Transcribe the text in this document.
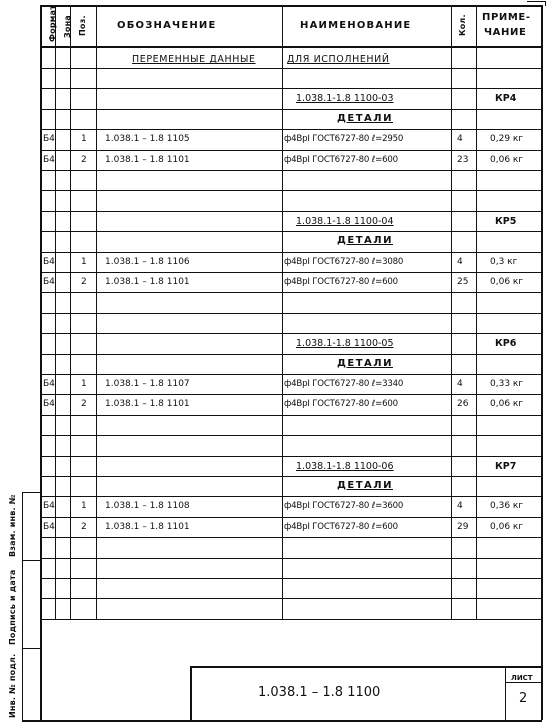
Формат Зона Поз.	ОБОЗНАЧЕНИЕ	НАИМЕНОВАНИЕ	Кол. ПРИМЕ-
ЧАНИЕ
ПЕРЕМЕННЫЕ ДАННЫЕ	ДЛЯ ИСПОЛНЕНИЙ
1.038.1-1.8 1100-03	КР4
ДЕТАЛИ
Б4	1 1.038.1 – 1.8 1105	ф4ВрI ГОСТ6727-80 ℓ=2950	4	0,29 кг
Б4	2 1.038.1 – 1.8 1101	ф4ВрI ГОСТ6727-80 ℓ=600	23 0,06 кг
1.038.1-1.8 1100-04	КР5
ДЕТАЛИ
Б4	1 1.038.1 – 1.8 1106	ф4ВрI ГОСТ6727-80 ℓ=3080	4	0,3 кг
Б4	2 1.038.1 – 1.8 1101	ф4ВрI ГОСТ6727-80 ℓ=600	25 0,06 кг
1.038.1-1.8 1100-05	КР6
ДЕТАЛИ
Б4	1 1.038.1 – 1.8 1107	ф4ВрI ГОСТ6727-80 ℓ=3340	4	0,33 кг
Б4	2 1.038.1 – 1.8 1101	ф4ВрI ГОСТ6727-80 ℓ=600	26 0,06 кг
1.038.1-1.8 1100-06	КР7
ДЕТАЛИ
Б4	1 1.038.1 – 1.8 1108	ф4ВрI ГОСТ6727-80 ℓ=3600	4	0,36 кг
Б4	2 1.038.1 – 1.8 1101	ф4ВрI ГОСТ6727-80 ℓ=600	29 0,06 кг
Инв. № подл.
Подпись и дата
Взам. инв. №
1.038.1 – 1.8 1100
ЛИСТ
2
